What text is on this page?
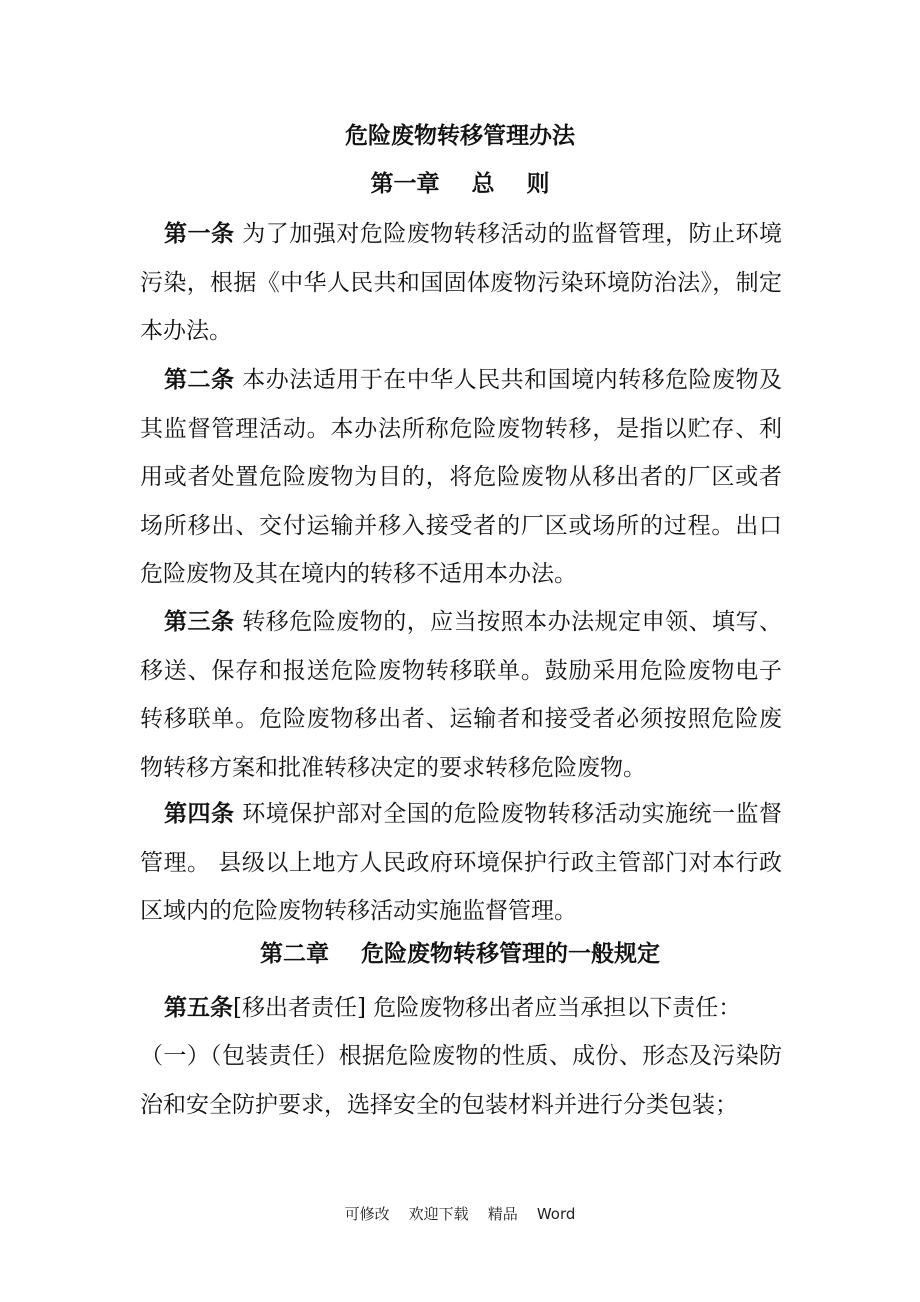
危险废物转移管理办法
第一章    总    则

第一条 为了加强对危险废物转移活动的监督管理，防止环境污染，根据《中华人民共和国固体废物污染环境防治法》，制定本办法。

第二条 本办法适用于在中华人民共和国境内转移危险废物及其监督管理活动。本办法所称危险废物转移，是指以贮存、利用或者处置危险废物为目的，将危险废物从移出者的厂区或者场所移出、交付运输并移入接受者的厂区或场所的过程。出口危险废物及其在境内的转移不适用本办法。

第三条 转移危险废物的，应当按照本办法规定申领、填写、移送、保存和报送危险废物转移联单。鼓励采用危险废物电子转移联单。危险废物移出者、运输者和接受者必须按照危险废物转移方案和批准转移决定的要求转移危险废物。

第四条 环境保护部对全国的危险废物转移活动实施统一监督管理。 县级以上地方人民政府环境保护行政主管部门对本行政区域内的危险废物转移活动实施监督管理。

第二章    危险废物转移管理的一般规定

第五条[移出者责任] 危险废物移出者应当承担以下责任：

（一）（包装责任）根据危险废物的性质、成份、形态及污染防治和安全防护要求，选择安全的包装材料并进行分类包装；

可修改    欢迎下载    精品    Word
